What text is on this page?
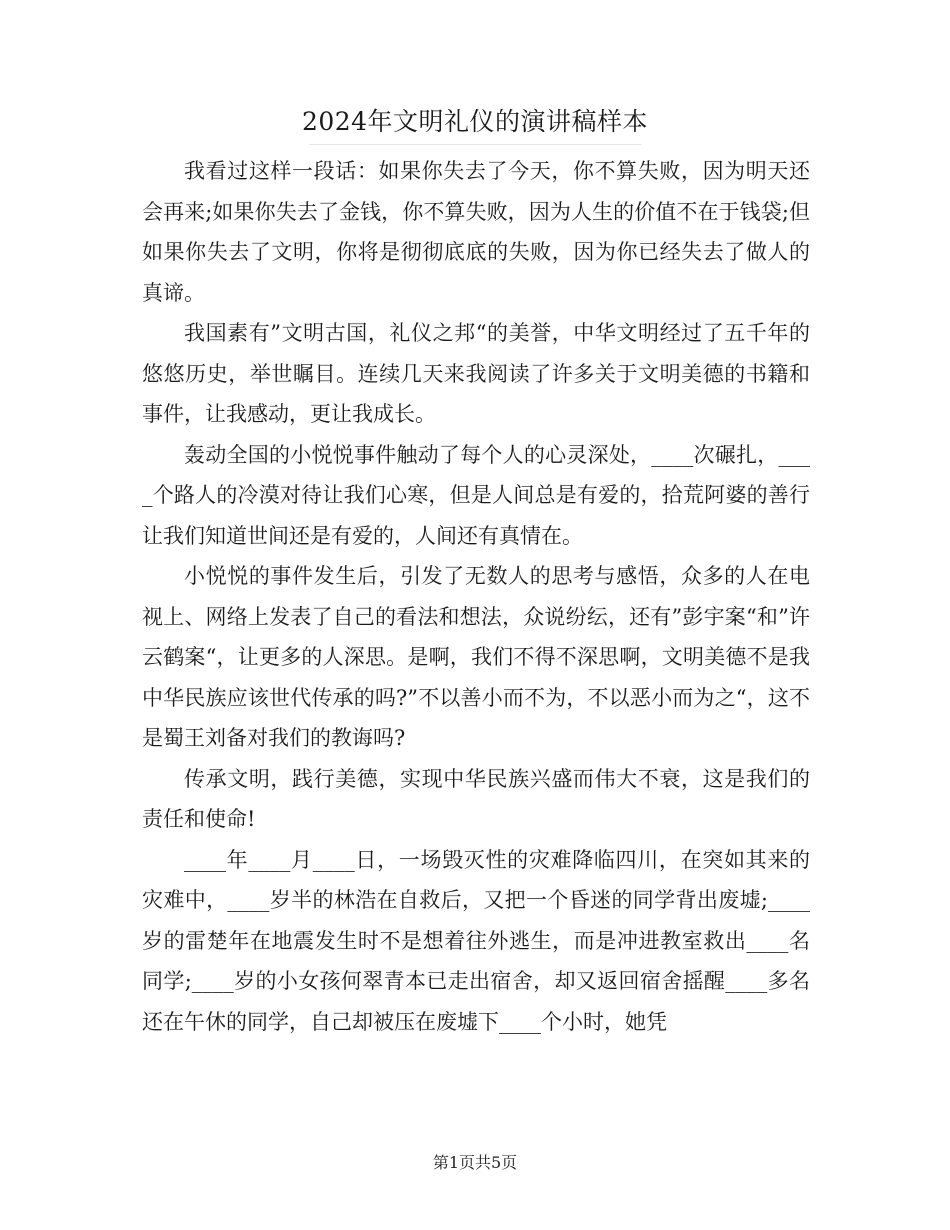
2024年文明礼仪的演讲稿样本

我看过这样一段话：如果你失去了今天，你不算失败，因为明天还会再来;如果你失去了金钱，你不算失败，因为人生的价值不在于钱袋;但如果你失去了文明，你将是彻彻底底的失败，因为你已经失去了做人的真谛。

我国素有”文明古国，礼仪之邦“的美誉，中华文明经过了五千年的悠悠历史，举世瞩目。连续几天来我阅读了许多关于文明美德的书籍和事件，让我感动，更让我成长。

轰动全国的小悦悦事件触动了每个人的心灵深处，____次碾扎，____个路人的冷漠对待让我们心寒，但是人间总是有爱的，拾荒阿婆的善行让我们知道世间还是有爱的，人间还有真情在。

小悦悦的事件发生后，引发了无数人的思考与感悟，众多的人在电视上、网络上发表了自己的看法和想法，众说纷纭，还有”彭宇案“和”许云鹤案“，让更多的人深思。是啊，我们不得不深思啊，文明美德不是我中华民族应该世代传承的吗?”不以善小而不为，不以恶小而为之“，这不是蜀王刘备对我们的教诲吗?

传承文明，践行美德，实现中华民族兴盛而伟大不衰，这是我们的责任和使命!

____年____月____日，一场毁灭性的灾难降临四川，在突如其来的灾难中，____岁半的林浩在自救后，又把一个昏迷的同学背出废墟;____岁的雷楚年在地震发生时不是想着往外逃生，而是冲进教室救出____名同学;____岁的小女孩何翠青本已走出宿舍，却又返回宿舍摇醒____多名还在午休的同学，自己却被压在废墟下____个小时，她凭

第1页共5页
